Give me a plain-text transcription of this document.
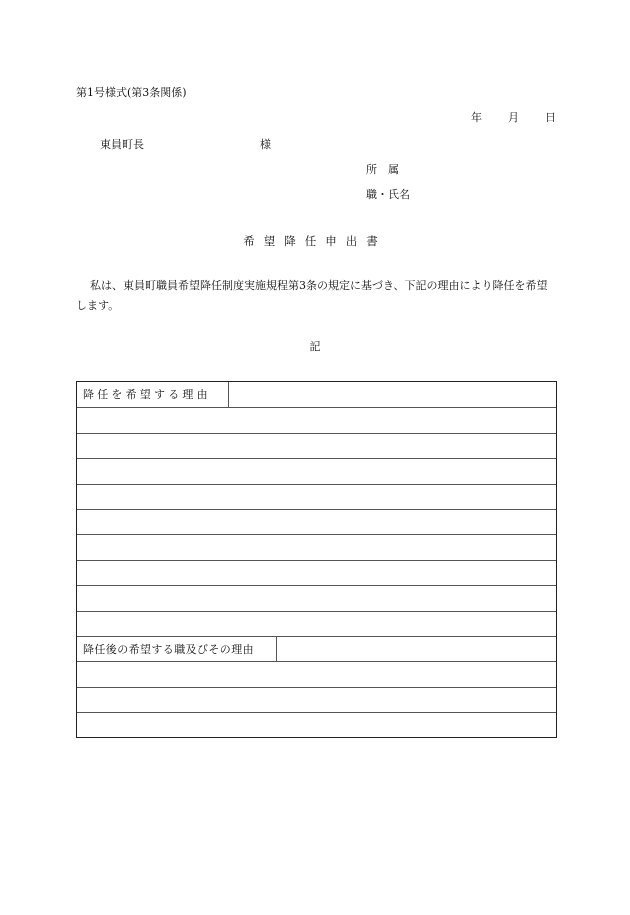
第1号様式(第3条関係)
年 月 日
東員町長	様
所　属
職・氏名
希望降任申出書
私は、東員町職員希望降任制度実施規程第3条の規定に基づき、下記の理由により降任を希望します。
記
降任を希望する理由
降任後の希望する職及びその理由
